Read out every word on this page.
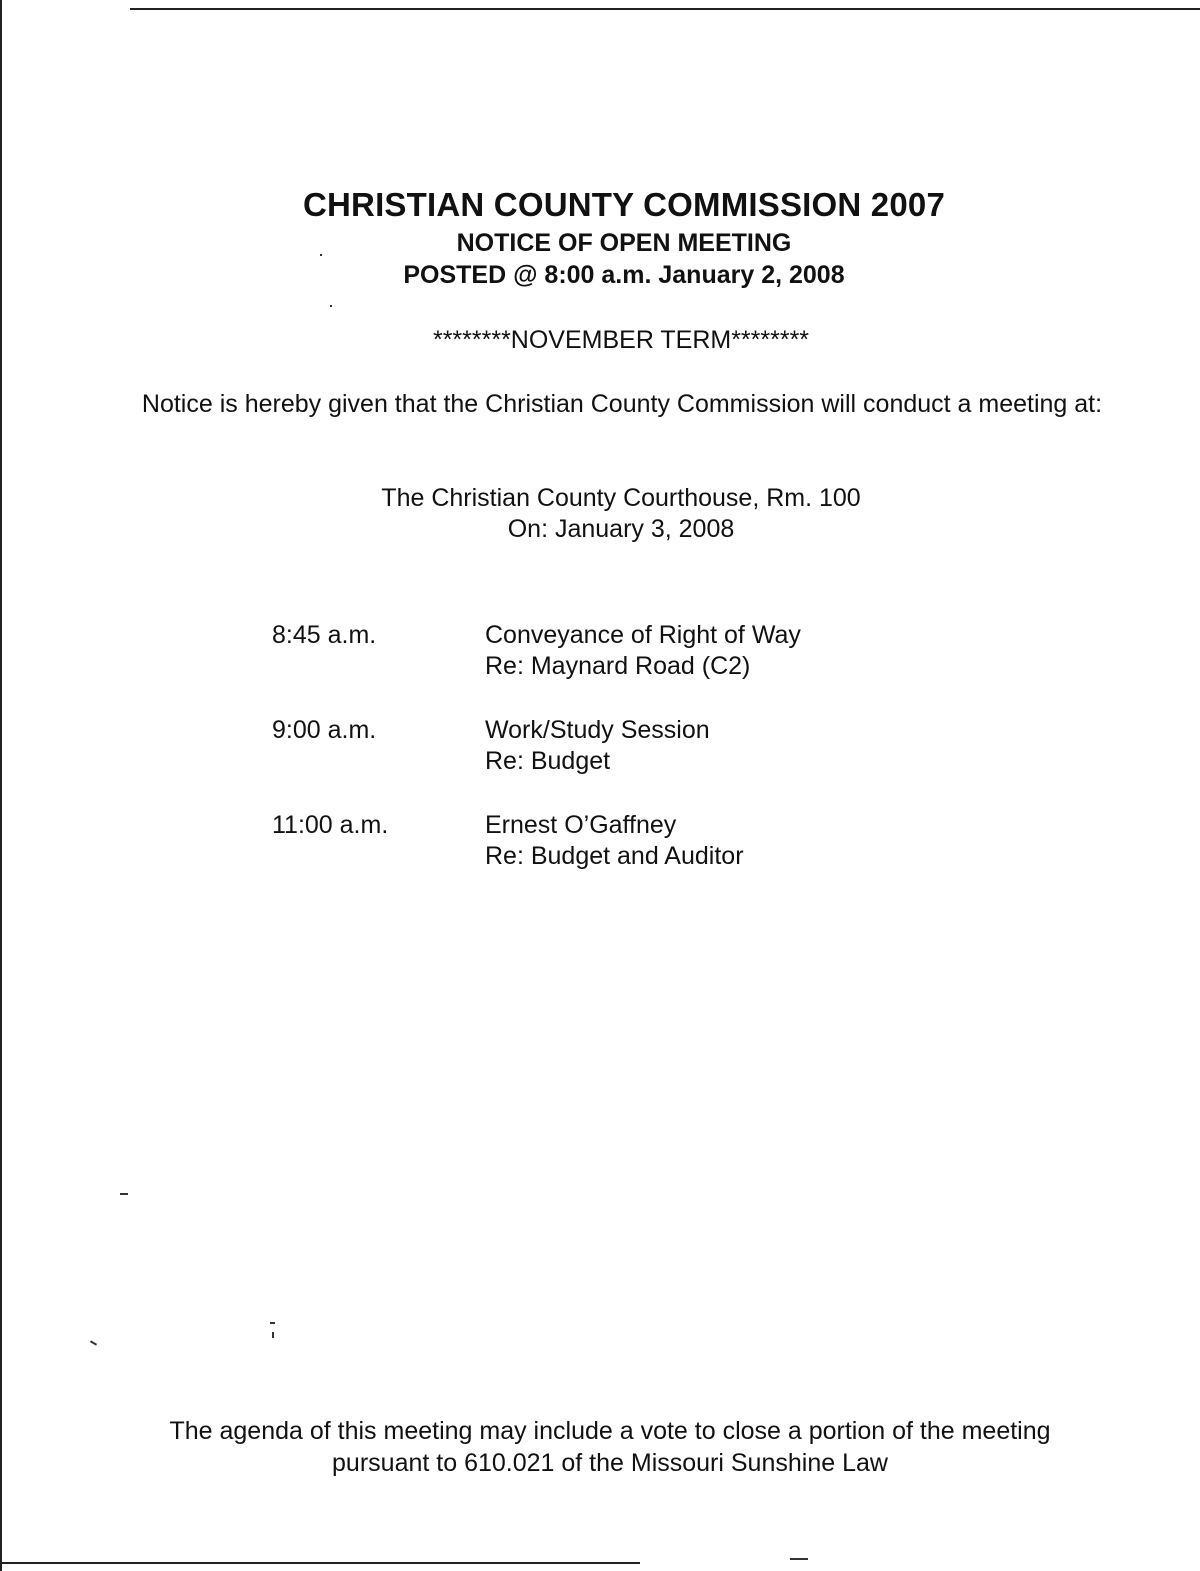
CHRISTIAN COUNTY COMMISSION 2007
NOTICE OF OPEN MEETING
POSTED @ 8:00 a.m. January 2, 2008
********NOVEMBER TERM********
Notice is hereby given that the Christian County Commission will conduct a meeting at:
The Christian County Courthouse, Rm. 100
On: January 3, 2008
8:45 a.m.	Conveyance of Right of Way
Re: Maynard Road (C2)
9:00 a.m.	Work/Study Session
Re: Budget
11:00 a.m.	Ernest O’Gaffney
Re: Budget and Auditor
The agenda of this meeting may include a vote to close a portion of the meeting
pursuant to 610.021 of the Missouri Sunshine Law
